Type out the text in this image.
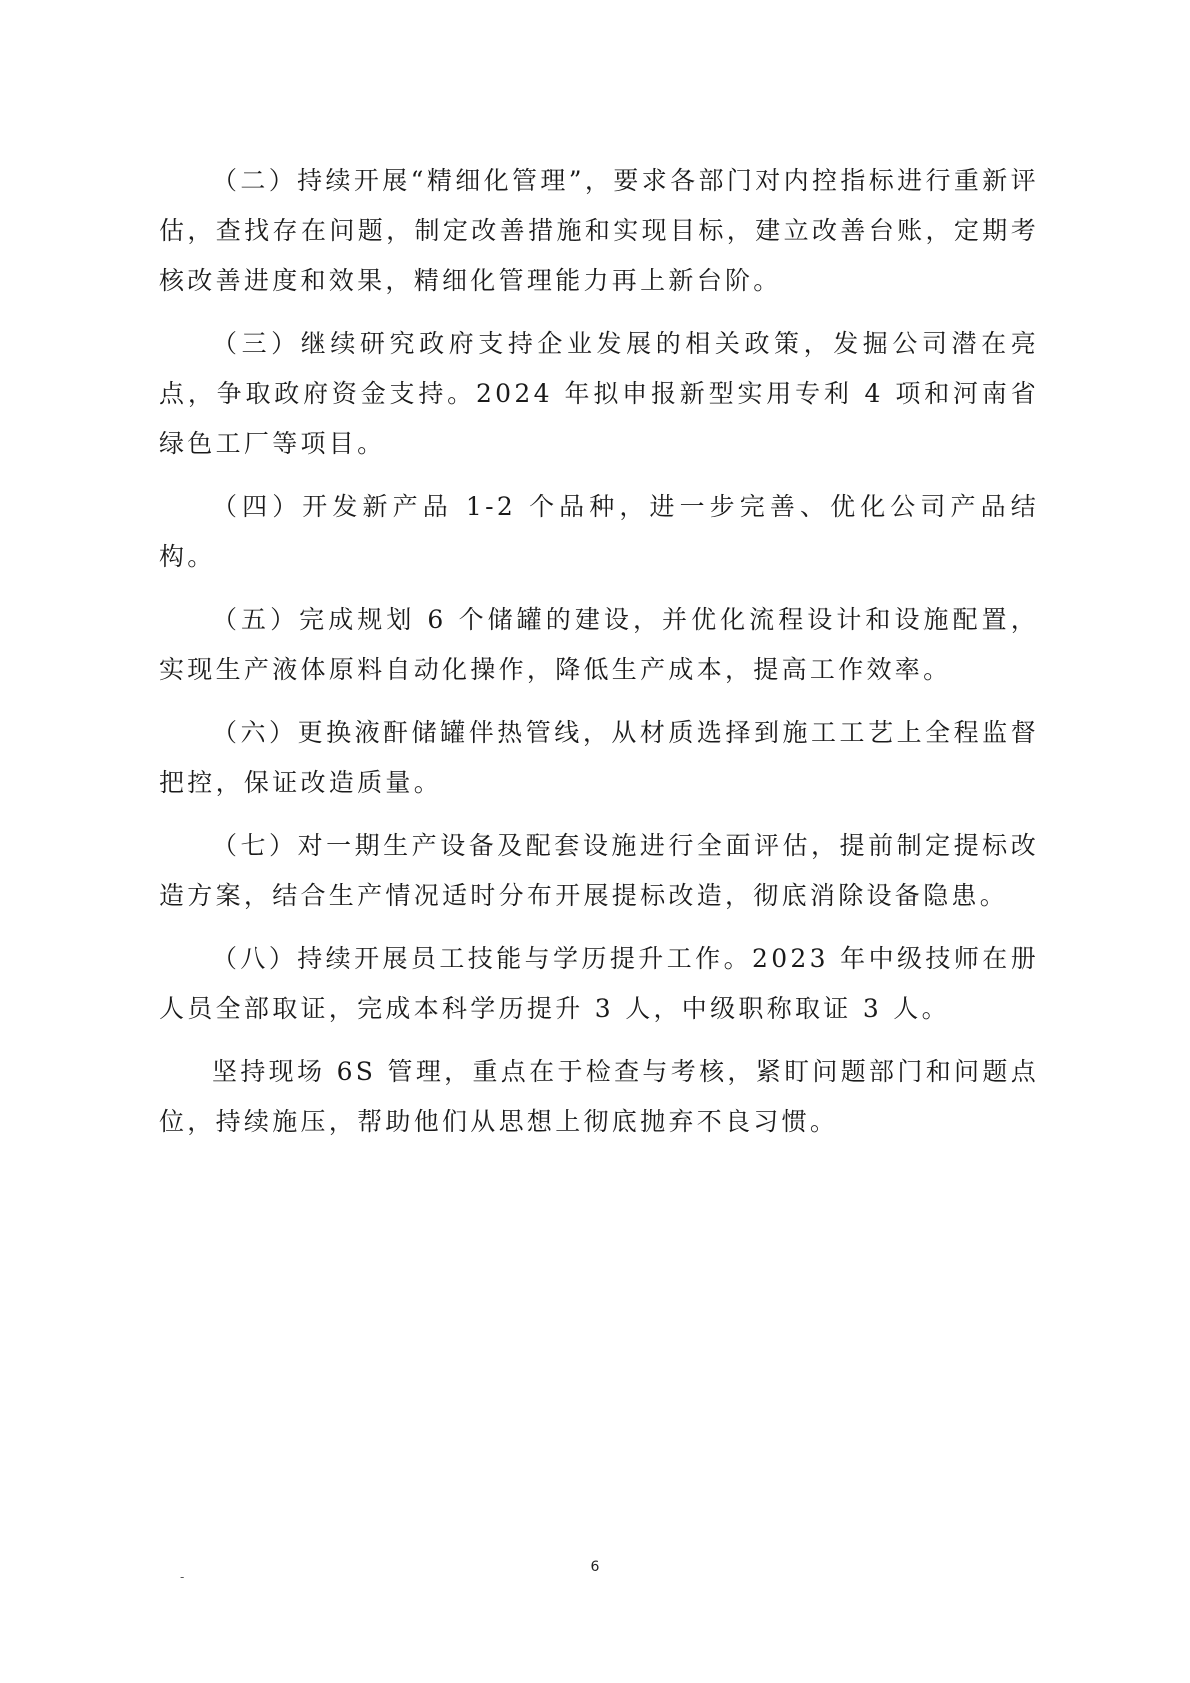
（二）持续开展“精细化管理”，要求各部门对内控指标进行重新评估，查找存在问题，制定改善措施和实现目标，建立改善台账，定期考核改善进度和效果，精细化管理能力再上新台阶。

（三）继续研究政府支持企业发展的相关政策，发掘公司潜在亮点，争取政府资金支持。2024 年拟申报新型实用专利 4 项和河南省绿色工厂等项目。

（四）开发新产品 1-2 个品种，进一步完善、优化公司产品结构。

（五）完成规划 6 个储罐的建设，并优化流程设计和设施配置，实现生产液体原料自动化操作，降低生产成本，提高工作效率。

（六）更换液酐储罐伴热管线，从材质选择到施工工艺上全程监督把控，保证改造质量。

（七）对一期生产设备及配套设施进行全面评估，提前制定提标改造方案，结合生产情况适时分布开展提标改造，彻底消除设备隐患。

（八）持续开展员工技能与学历提升工作。2023 年中级技师在册人员全部取证，完成本科学历提升 3 人，中级职称取证 3 人。

坚持现场 6S 管理，重点在于检查与考核，紧盯问题部门和问题点位，持续施压，帮助他们从思想上彻底抛弃不良习惯。

-
6
